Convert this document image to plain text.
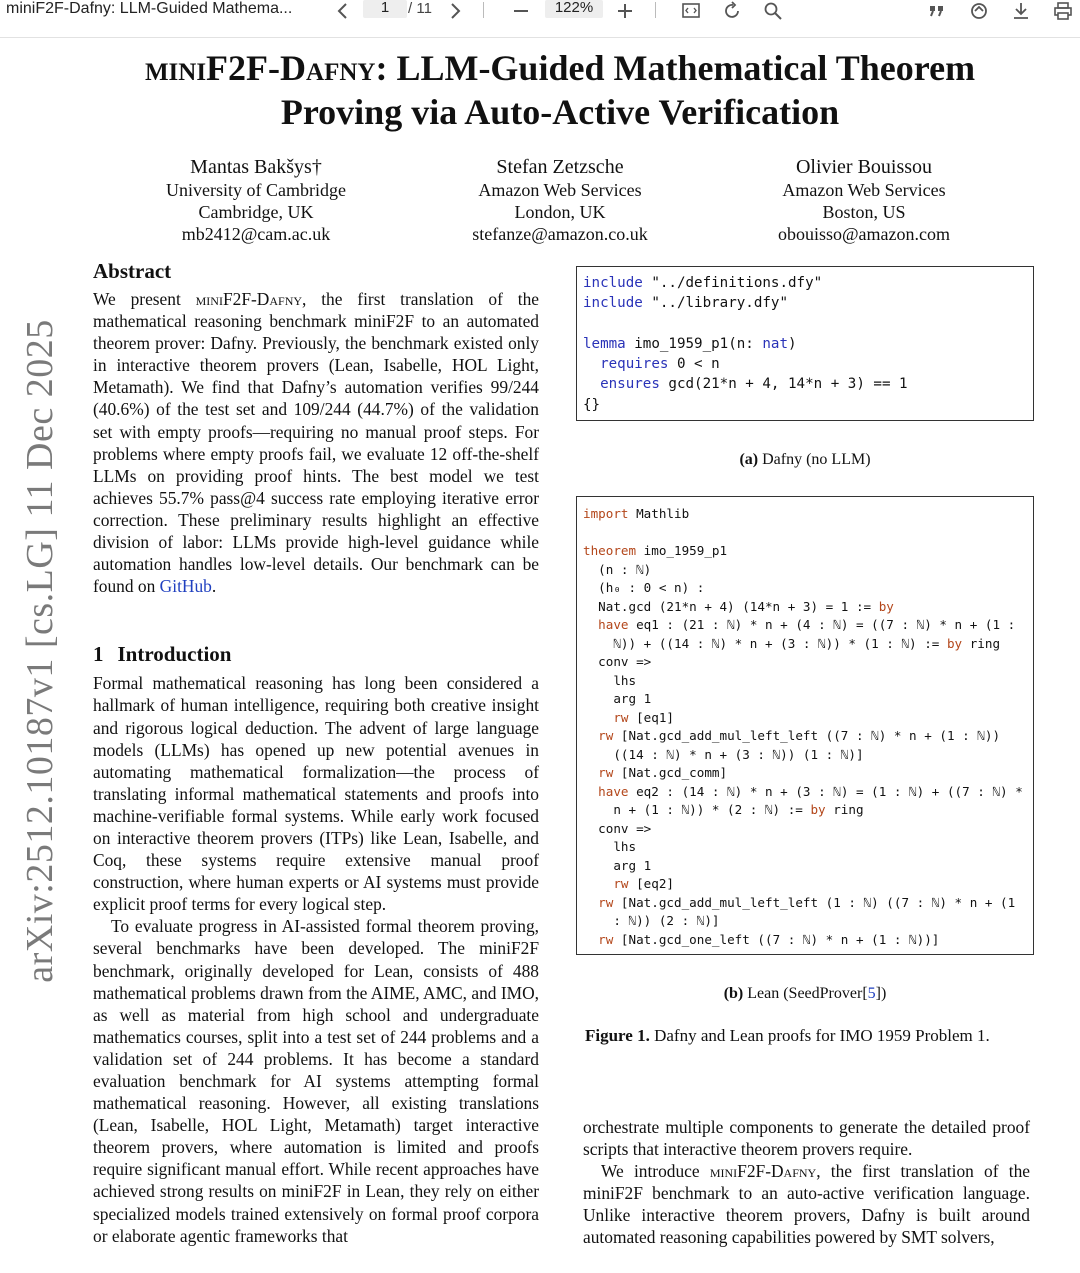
miniF2F-Dafny: LLM-Guided Mathema...	1	/ 11	122%
arXiv:2512.10187v1 [cs.LG] 11 Dec 2025
miniF2F-Dafny: LLM-Guided Mathematical Theorem
Proving via Auto-Active Verification
Mantas Bakšys†
University of Cambridge
Cambridge, UK
mb2412@cam.ac.uk
Stefan Zetzsche
Amazon Web Services
London, UK
stefanze@amazon.co.uk
Olivier Bouissou
Amazon Web Services
Boston, US
obouisso@amazon.com
Abstract

We present miniF2F-Dafny, the first translation of the mathematical reasoning benchmark miniF2F to an automated theorem prover: Dafny. Previously, the benchmark existed only in interactive theorem provers (Lean, Isabelle, HOL Light, Metamath). We find that Dafny’s automation verifies 99/244 (40.6%) of the test set and 109/244 (44.7%) of the validation set with empty proofs—requiring no manual proof steps. For problems where empty proofs fail, we evaluate 12 off-the-shelf LLMs on providing proof hints. The best model we test achieves 55.7% pass@4 success rate employing iterative error correction. These preliminary results highlight an effective division of labor: LLMs provide high-level guidance while automation handles low-level details. Our benchmark can be found on GitHub.

1 Introduction

Formal mathematical reasoning has long been considered a hallmark of human intelligence, requiring both creative insight and rigorous logical deduction. The advent of large language models (LLMs) has opened up new potential avenues in automating mathematical formalization—the process of translating informal mathematical statements and proofs into machine-verifiable formal systems. While early work focused on interactive theorem provers (ITPs) like Lean, Isabelle, and Coq, these systems require extensive manual proof construction, where human experts or AI systems must provide explicit proof terms for every logical step.

To evaluate progress in AI-assisted formal theorem proving, several benchmarks have been developed. The miniF2F benchmark, originally developed for Lean, consists of 488 mathematical problems drawn from the AIME, AMC, and IMO, as well as material from high school and undergraduate mathematics courses, split into a test set of 244 problems and a validation set of 244 problems. It has become a standard evaluation benchmark for AI systems attempting formal mathematical reasoning. However, all existing translations (Lean, Isabelle, HOL Light, Metamath) target interactive theorem provers, where automation is limited and proofs require significant manual effort. While recent approaches have achieved strong results on miniF2F in Lean, they rely on either specialized models trained extensively on formal proof corpora or elaborate agentic frameworks that

include "../definitions.dfy"
include "../library.dfy"

lemma imo_1959_p1(n: nat)
requires 0 < n
ensures gcd(21*n + 4, 14*n + 3) == 1
{}
(a) Dafny (no LLM)
import Mathlib

theorem imo_1959_p1
(n : ℕ)
(h₀ : 0 < n) :
Nat.gcd (21*n + 4) (14*n + 3) = 1 := by
have eq1 : (21 : ℕ) * n + (4 : ℕ) = ((7 : ℕ) * n + (1 :
ℕ)) + ((14 : ℕ) * n + (3 : ℕ)) * (1 : ℕ) := by ring
conv =>
lhs
arg 1
rw [eq1]
rw [Nat.gcd_add_mul_left_left ((7 : ℕ) * n + (1 : ℕ))
((14 : ℕ) * n + (3 : ℕ)) (1 : ℕ)]
rw [Nat.gcd_comm]
have eq2 : (14 : ℕ) * n + (3 : ℕ) = (1 : ℕ) + ((7 : ℕ) *
n + (1 : ℕ)) * (2 : ℕ) := by ring
conv =>
lhs
arg 1
rw [eq2]
rw [Nat.gcd_add_mul_left_left (1 : ℕ) ((7 : ℕ) * n + (1
: ℕ)) (2 : ℕ)]
rw [Nat.gcd_one_left ((7 : ℕ) * n + (1 : ℕ))]
(b) Lean (SeedProver[5])
Figure 1. Dafny and Lean proofs for IMO 1959 Problem 1.

orchestrate multiple components to generate the detailed proof scripts that interactive theorem provers require.

We introduce miniF2F-Dafny, the first translation of the miniF2F benchmark to an auto-active verification language. Unlike interactive theorem provers, Dafny is built around automated reasoning capabilities powered by SMT solvers,
